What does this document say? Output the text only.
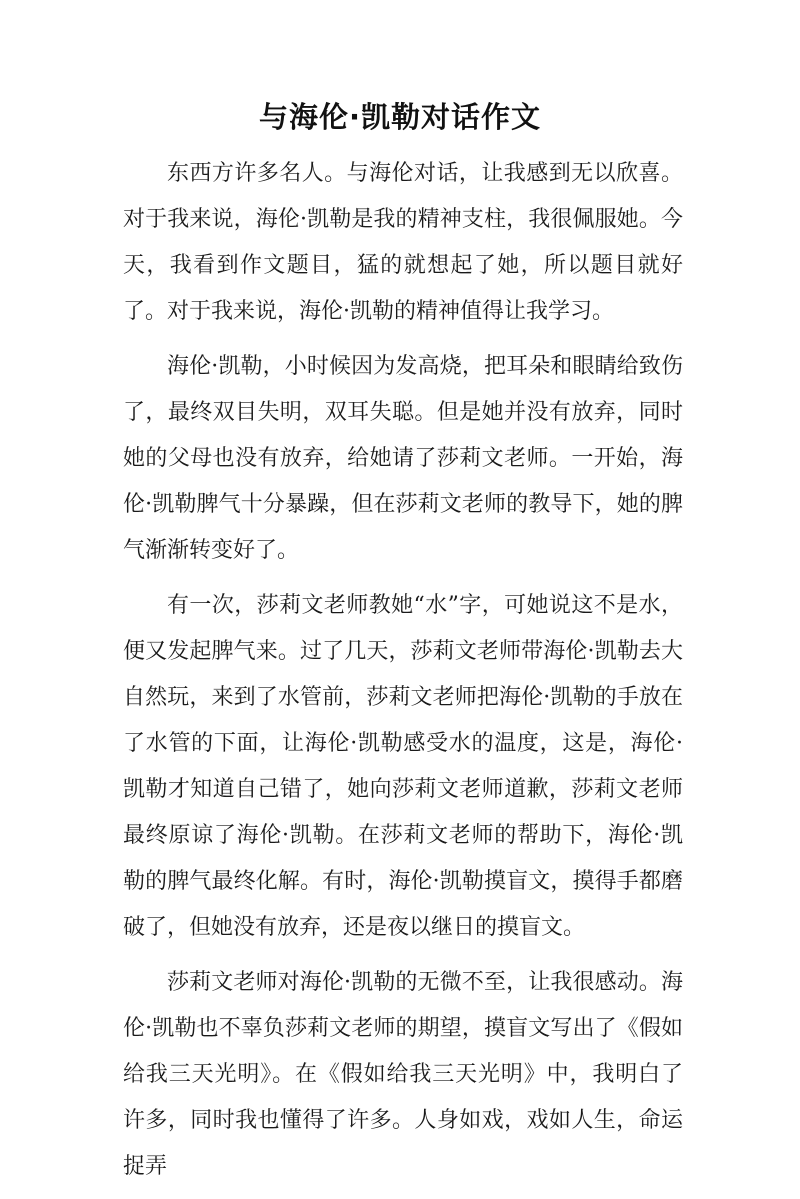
与海伦·凯勒对话作文

东西方许多名人。与海伦对话，让我感到无以欣喜。对于我来说，海伦·凯勒是我的精神支柱，我很佩服她。今天，我看到作文题目，猛的就想起了她，所以题目就好了。对于我来说，海伦·凯勒的精神值得让我学习。

海伦·凯勒，小时候因为发高烧，把耳朵和眼睛给致伤了，最终双目失明，双耳失聪。但是她并没有放弃，同时她的父母也没有放弃，给她请了莎莉文老师。一开始，海伦·凯勒脾气十分暴躁，但在莎莉文老师的教导下，她的脾气渐渐转变好了。

有一次，莎莉文老师教她“水”字，可她说这不是水，便又发起脾气来。过了几天，莎莉文老师带海伦·凯勒去大自然玩，来到了水管前，莎莉文老师把海伦·凯勒的手放在了水管的下面，让海伦·凯勒感受水的温度，这是，海伦·凯勒才知道自己错了，她向莎莉文老师道歉，莎莉文老师最终原谅了海伦·凯勒。在莎莉文老师的帮助下，海伦·凯勒的脾气最终化解。有时，海伦·凯勒摸盲文，摸得手都磨破了，但她没有放弃，还是夜以继日的摸盲文。

莎莉文老师对海伦·凯勒的无微不至，让我很感动。海伦·凯勒也不辜负莎莉文老师的期望，摸盲文写出了《假如给我三天光明》。在《假如给我三天光明》中，我明白了许多，同时我也懂得了许多。人身如戏，戏如人生，命运捉弄
